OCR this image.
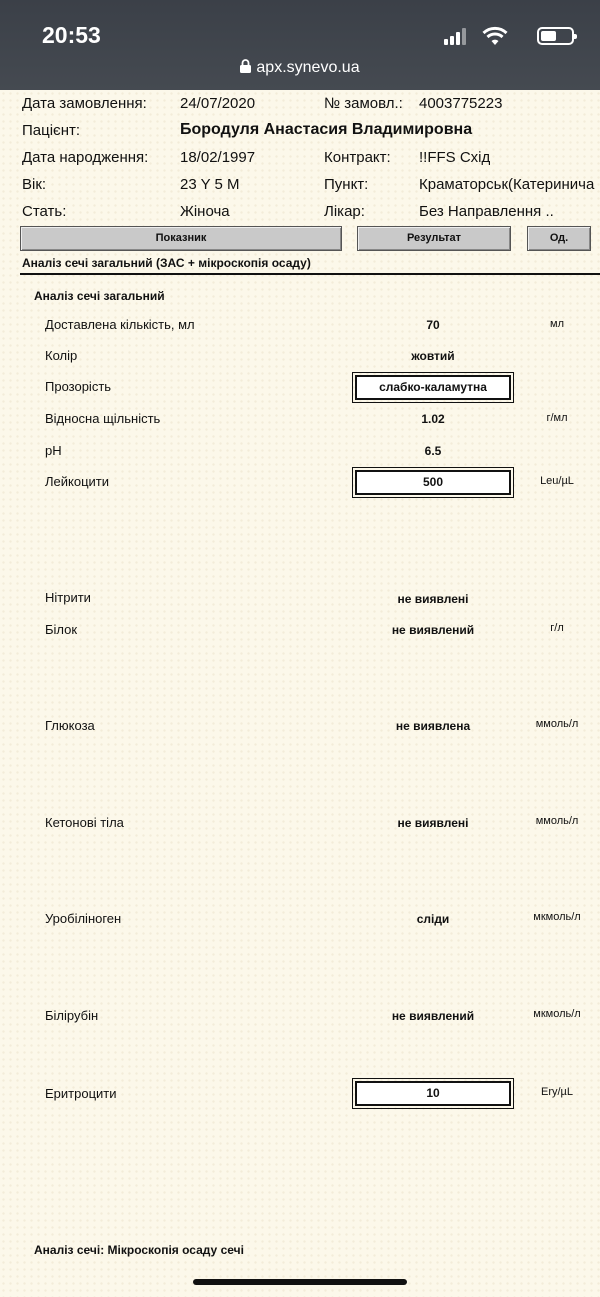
20:53
apx.synevo.ua
Дата замовлення: 24/07/2020	№ замовл.: 4003775223
Пацієнт:	Бородуля Анастасия Владимировна
Дата народження: 18/02/1997	Контракт: !!FFS Схід
Вік:	23 Y 5 M	Пункт:	Краматорськ(Катеринича
Стать:	Жіноча	Лікар:	Без Направлення ..
Показник	Результат	Од.
Аналіз сечі загальний (ЗАС + мікроскопія осаду)
Аналіз сечі загальний
Доставлена кількість, мл	70	мл
Колір	жовтий
Прозорість	слабко-каламутна
Відносна щільність	1.02	г/мл
pH	6.5
Лейкоцити	500	Leu/µL
Нітрити	не виявлені
Білок	не виявлений	г/л
Глюкоза	не виявлена	ммоль/л
Кетонові тіла	не виявлені	ммоль/л
Уробіліноген	сліди	мкмоль/л
Білірубін	не виявлений	мкмоль/л
Еритроцити	10	Ery/µL
Аналіз сечі: Мікроскопія осаду сечі
